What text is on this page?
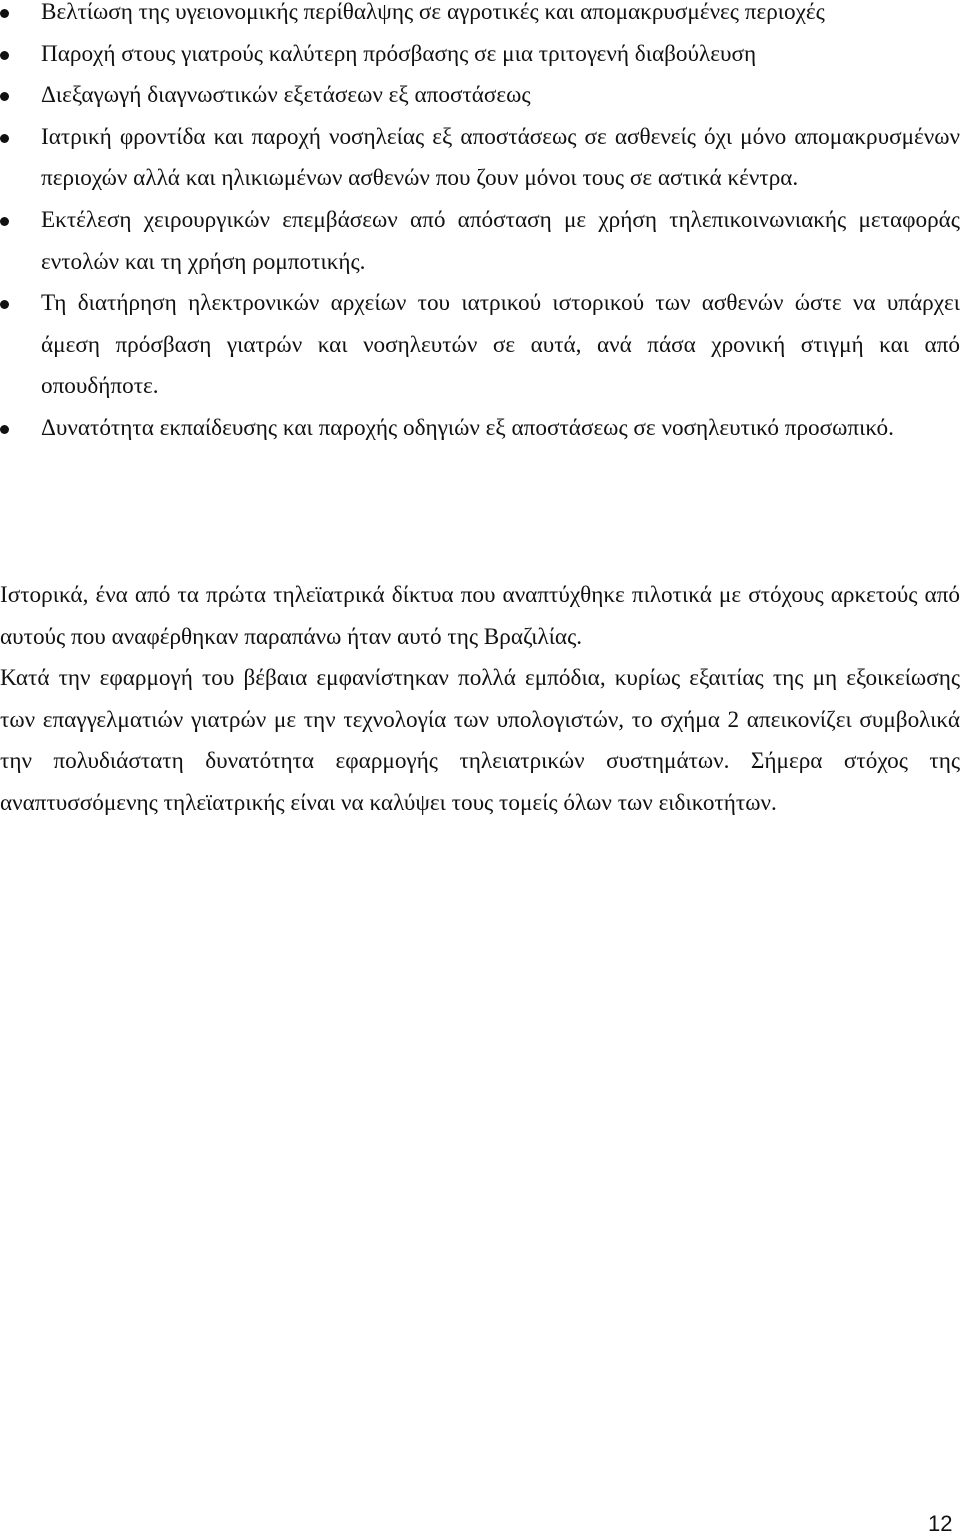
Βελτίωση της υγειονομικής περίθαλψης σε αγροτικές και απομακρυσμένες περιοχές
Παροχή στους γιατρούς καλύτερη πρόσβασης σε μια τριτογενή διαβούλευση
Διεξαγωγή διαγνωστικών εξετάσεων εξ αποστάσεως
Ιατρική φροντίδα και παροχή νοσηλείας εξ αποστάσεως σε ασθενείς όχι μόνο απομακρυσμένων περιοχών αλλά και ηλικιωμένων ασθενών που ζουν μόνοι τους σε αστικά κέντρα.
Εκτέλεση χειρουργικών επεμβάσεων από απόσταση με χρήση τηλεπικοινωνιακής μεταφοράς εντολών και τη χρήση ρομποτικής.
Τη διατήρηση ηλεκτρονικών αρχείων του ιατρικού ιστορικού των ασθενών ώστε να υπάρχει άμεση πρόσβαση γιατρών και νοσηλευτών σε αυτά, ανά πάσα χρονική στιγμή και από οπουδήποτε.
Δυνατότητα εκπαίδευσης και παροχής οδηγιών εξ αποστάσεως σε νοσηλευτικό προσωπικό.

Ιστορικά, ένα από τα πρώτα τηλεϊατρικά δίκτυα που αναπτύχθηκε πιλοτικά με στόχους αρκετούς από αυτούς που αναφέρθηκαν παραπάνω ήταν αυτό της Βραζιλίας.

Κατά την εφαρμογή του βέβαια εμφανίστηκαν πολλά εμπόδια, κυρίως εξαιτίας της μη εξοικείωσης των επαγγελματιών γιατρών με την τεχνολογία των υπολογιστών, το σχήμα 2 απεικονίζει συμβολικά την πολυδιάστατη δυνατότητα εφαρμογής τηλειατρικών συστημάτων. Σήμερα στόχος της αναπτυσσόμενης τηλεϊατρικής είναι να καλύψει τους τομείς όλων των ειδικοτήτων.

12
